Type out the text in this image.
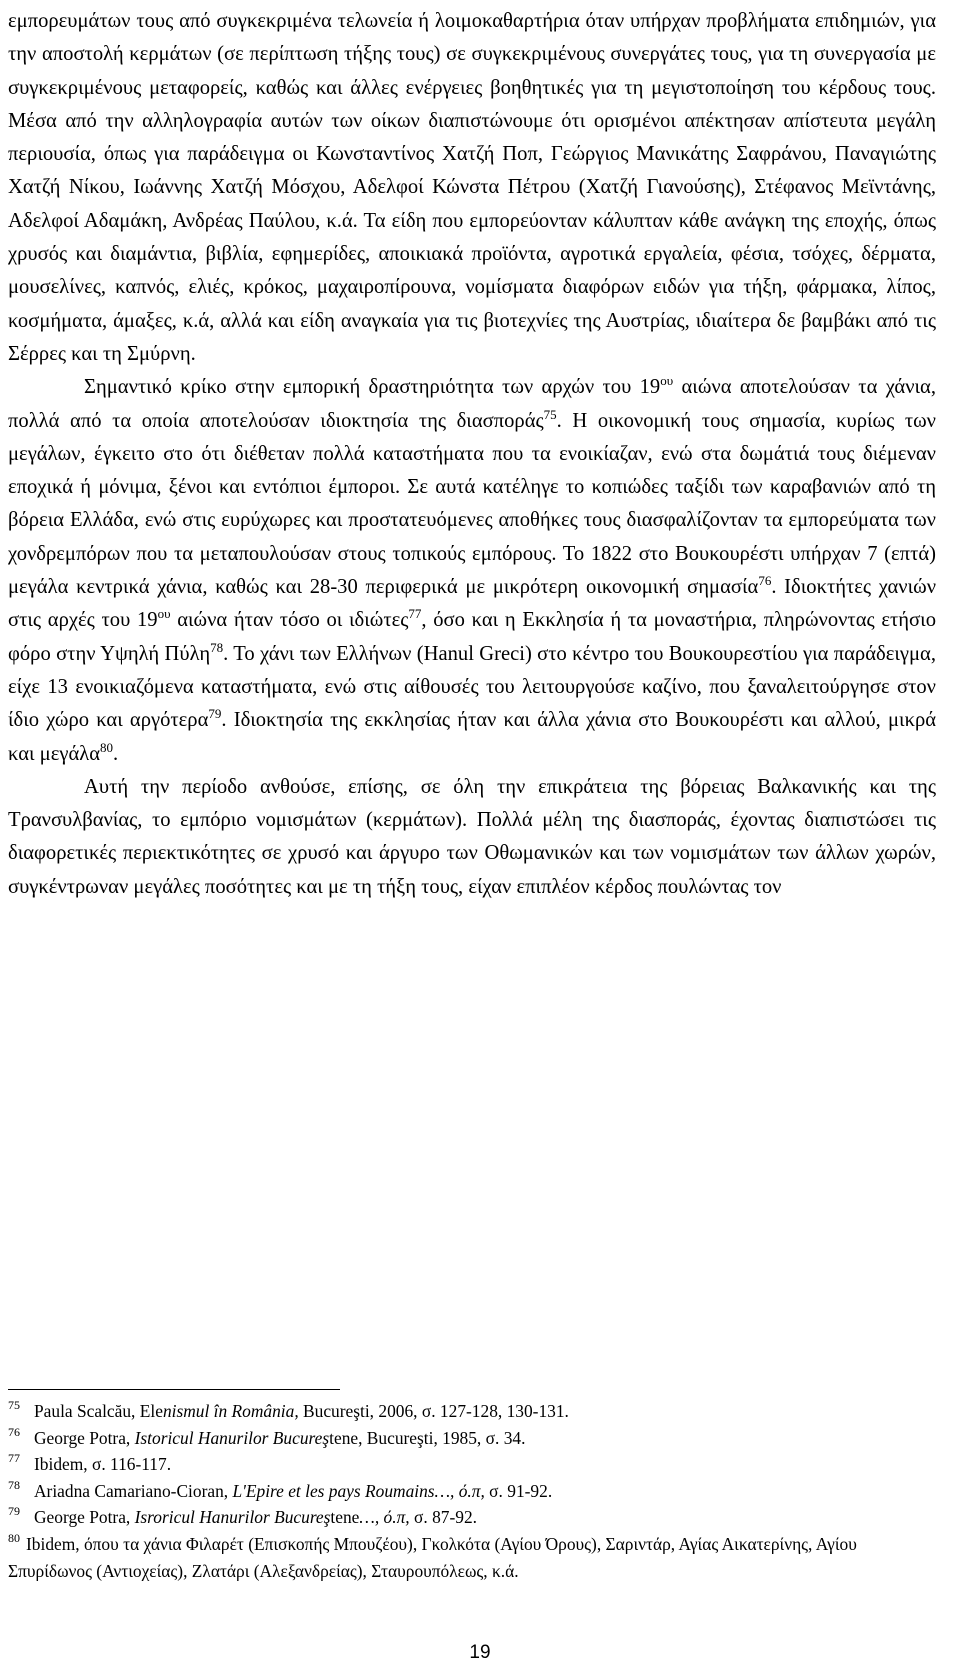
εμπορευμάτων τους από συγκεκριμένα τελωνεία ή λοιμοκαθαρτήρια όταν υπήρχαν προβλήματα επιδημιών, για την αποστολή κερμάτων (σε περίπτωση τήξης τους) σε συγκεκριμένους συνεργάτες τους, για τη συνεργασία με συγκεκριμένους μεταφορείς, καθώς και άλλες ενέργειες βοηθητικές για τη μεγιστοποίηση του κέρδους τους. Μέσα από την αλληλογραφία αυτών των οίκων διαπιστώνουμε ότι ορισμένοι απέκτησαν απίστευτα μεγάλη περιουσία, όπως για παράδειγμα οι Κωνσταντίνος Χατζή Ποπ, Γεώργιος Μανικάτης Σαφράνου, Παναγιώτης Χατζή Νίκου, Ιωάννης Χατζή Μόσχου, Αδελφοί Κώνστα Πέτρου (Χατζή Γιανούσης), Στέφανος Μεϊντάνης, Αδελφοί Αδαμάκη, Ανδρέας Παύλου, κ.ά. Τα είδη που εμπορεύονταν κάλυπταν κάθε ανάγκη της εποχής, όπως χρυσός και διαμάντια, βιβλία, εφημερίδες, αποικιακά προϊόντα, αγροτικά εργαλεία, φέσια, τσόχες, δέρματα, μουσελίνες, καπνός, ελιές, κρόκος, μαχαιροπίρουνα, νομίσματα διαφόρων ειδών για τήξη, φάρμακα, λίπος, κοσμήματα, άμαξες, κ.ά, αλλά και είδη αναγκαία για τις βιοτεχνίες της Αυστρίας, ιδιαίτερα δε βαμβάκι από τις Σέρρες και τη Σμύρνη.

Σημαντικό κρίκο στην εμπορική δραστηριότητα των αρχών του $19^{o\upsilon}$ αιώνα αποτελούσαν τα χάνια, πολλά από τα οποία αποτελούσαν ιδιοκτησία της διασποράς$^{75}$. Η οικονομική τους σημασία, κυρίως των μεγάλων, έγκειτο στο ότι διέθεταν πολλά καταστήματα που τα ενοικίαζαν, ενώ στα δωμάτιά τους διέμεναν εποχικά ή μόνιμα, ξένοι και εντόπιοι έμποροι. Σε αυτά κατέληγε το κοπιώδες ταξίδι των καραβανιών από τη βόρεια Ελλάδα, ενώ στις ευρύχωρες και προστατευόμενες αποθήκες τους διασφαλίζονταν τα εμπορεύματα των χονδρεμπόρων που τα μεταπουλούσαν στους τοπικούς εμπόρους. Το 1822 στο Βουκουρέστι υπήρχαν 7 (επτά) μεγάλα κεντρικά χάνια, καθώς και 28-30 περιφερικά με μικρότερη οικονομική σημασία$^{76}$. Ιδιοκτήτες χανιών στις αρχές του $19^{o\upsilon}$ αιώνα ήταν τόσο οι ιδιώτες$^{77}$, όσο και η Εκκλησία ή τα μοναστήρια, πληρώνοντας ετήσιο φόρο στην Υψηλή Πύλη$^{78}$. Το χάνι των Ελλήνων (Hanul Greci) στο κέντρο του Βουκουρεστίου για παράδειγμα, είχε 13 ενοικιαζόμενα καταστήματα, ενώ στις αίθουσές του λειτουργούσε καζίνο, που ξαναλειτούργησε στον ίδιο χώρο και αργότερα$^{79}$. Ιδιοκτησία της εκκλησίας ήταν και άλλα χάνια στο Βουκουρέστι και αλλού, μικρά και μεγάλα$^{80}$.

Αυτή την περίοδο ανθούσε, επίσης, σε όλη την επικράτεια της βόρειας Βαλκανικής και της Τρανσυλβανίας, το εμπόριο νομισμάτων (κερμάτων). Πολλά μέλη της διασποράς, έχοντας διαπιστώσει τις διαφορετικές περιεκτικότητες σε χρυσό και άργυρο των Οθωμανικών και των νομισμάτων των άλλων χωρών, συγκέντρωναν μεγάλες ποσότητες και με τη τήξη τους, είχαν επιπλέον κέρδος πουλώντας τον

75 Paula Scalcău, Elenismul în România, Bucureşti, 2006, σ. 127-128, 130-131.

76 George Potra, Istoricul Hanurilor Bucureştene, Bucureşti, 1985, σ. 34.

77 Ibidem, σ. 116-117.

78 Ariadna Camariano-Cioran, L'Epire et les pays Roumains…, ό.π, σ. 91-92.

79 George Potra, Isroricul Hanurilor Bucureştene…, ό.π, σ. 87-92.

80 Ibidem, όπου τα χάνια Φιλαρέτ (Επισκοπής Μπουζέου), Γκολκότα (Αγίου Όρους), Σαριντάρ, Αγίας Αικατερίνης, Αγίου Σπυρίδωνος (Αντιοχείας), Ζλατάρι (Αλεξανδρείας), Σταυρουπόλεως, κ.ά.

19
